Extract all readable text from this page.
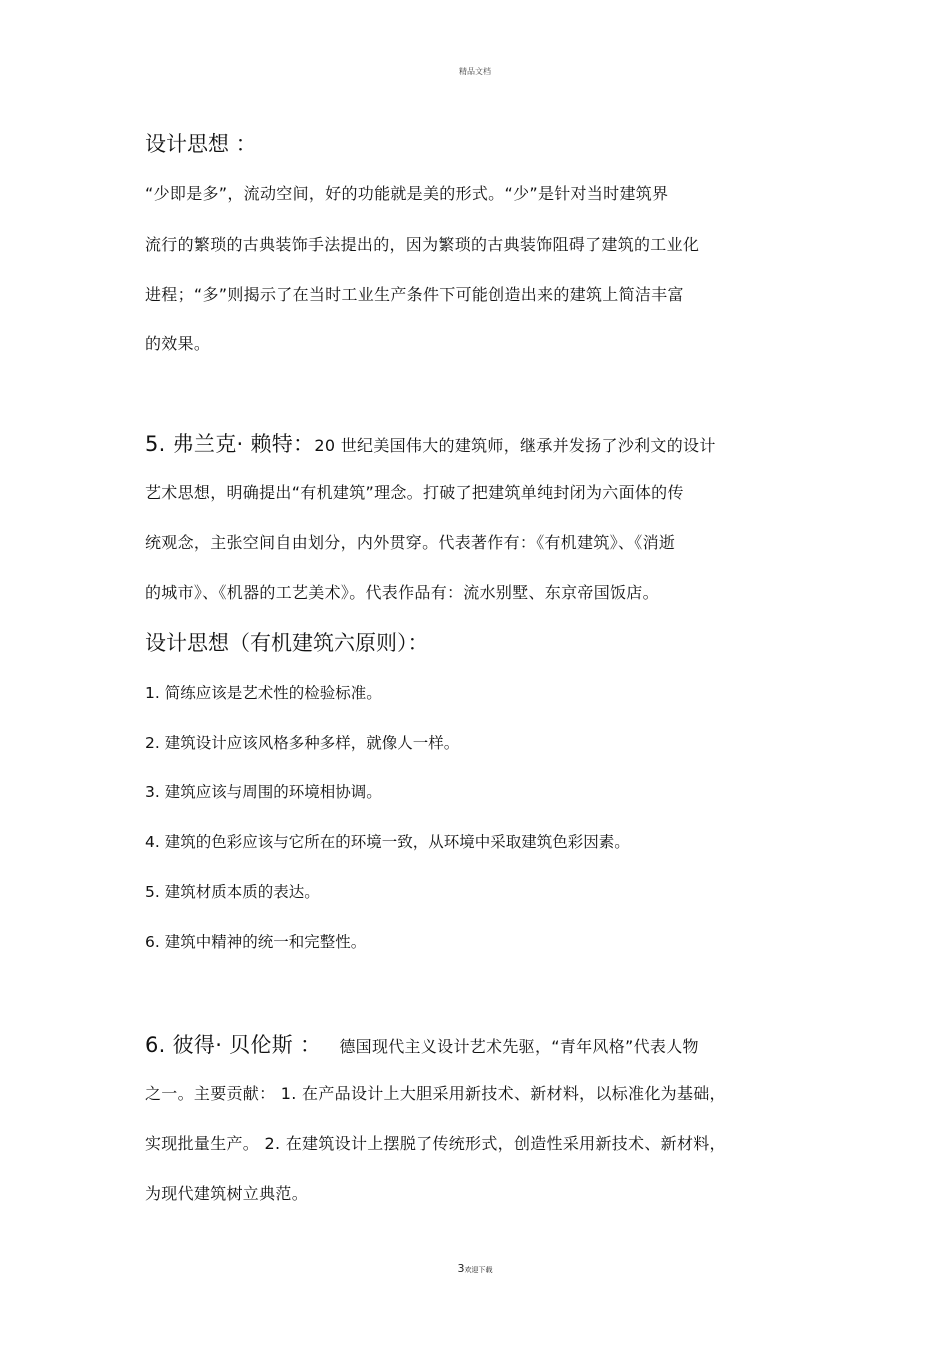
精品文档
设计思想 ：
“少即是多”，流动空间，好的功能就是美的形式。“少”是针对当时建筑界
流行的繁琐的古典装饰手法提出的，因为繁琐的古典装饰阻碍了建筑的工业化
进程；“多”则揭示了在当时工业生产条件下可能创造出来的建筑上简洁丰富
的效果。
5. 弗兰克· 赖特：20 世纪美国伟大的建筑师，继承并发扬了沙利文的设计
艺术思想，明确提出“有机建筑”理念。打破了把建筑单纯封闭为六面体的传
统观念，主张空间自由划分，内外贯穿。代表著作有：《有机建筑》、《消逝
的城市》、《机器的工艺美术》。代表作品有：流水别墅、东京帝国饭店。
设计思想（有机建筑六原则）：
1. 简练应该是艺术性的检验标准。
2. 建筑设计应该风格多种多样，就像人一样。
3. 建筑应该与周围的环境相协调。
4. 建筑的色彩应该与它所在的环境一致，从环境中采取建筑色彩因素。
5. 建筑材质本质的表达。
6. 建筑中精神的统一和完整性。
6. 彼得· 贝伦斯 ： 德国现代主义设计艺术先驱，“青年风格”代表人物
之一。主要贡献： 1. 在产品设计上大胆采用新技术、新材料，以标准化为基础，
实现批量生产。 2. 在建筑设计上摆脱了传统形式，创造性采用新技术、新材料，
为现代建筑树立典范。
3欢迎下载
